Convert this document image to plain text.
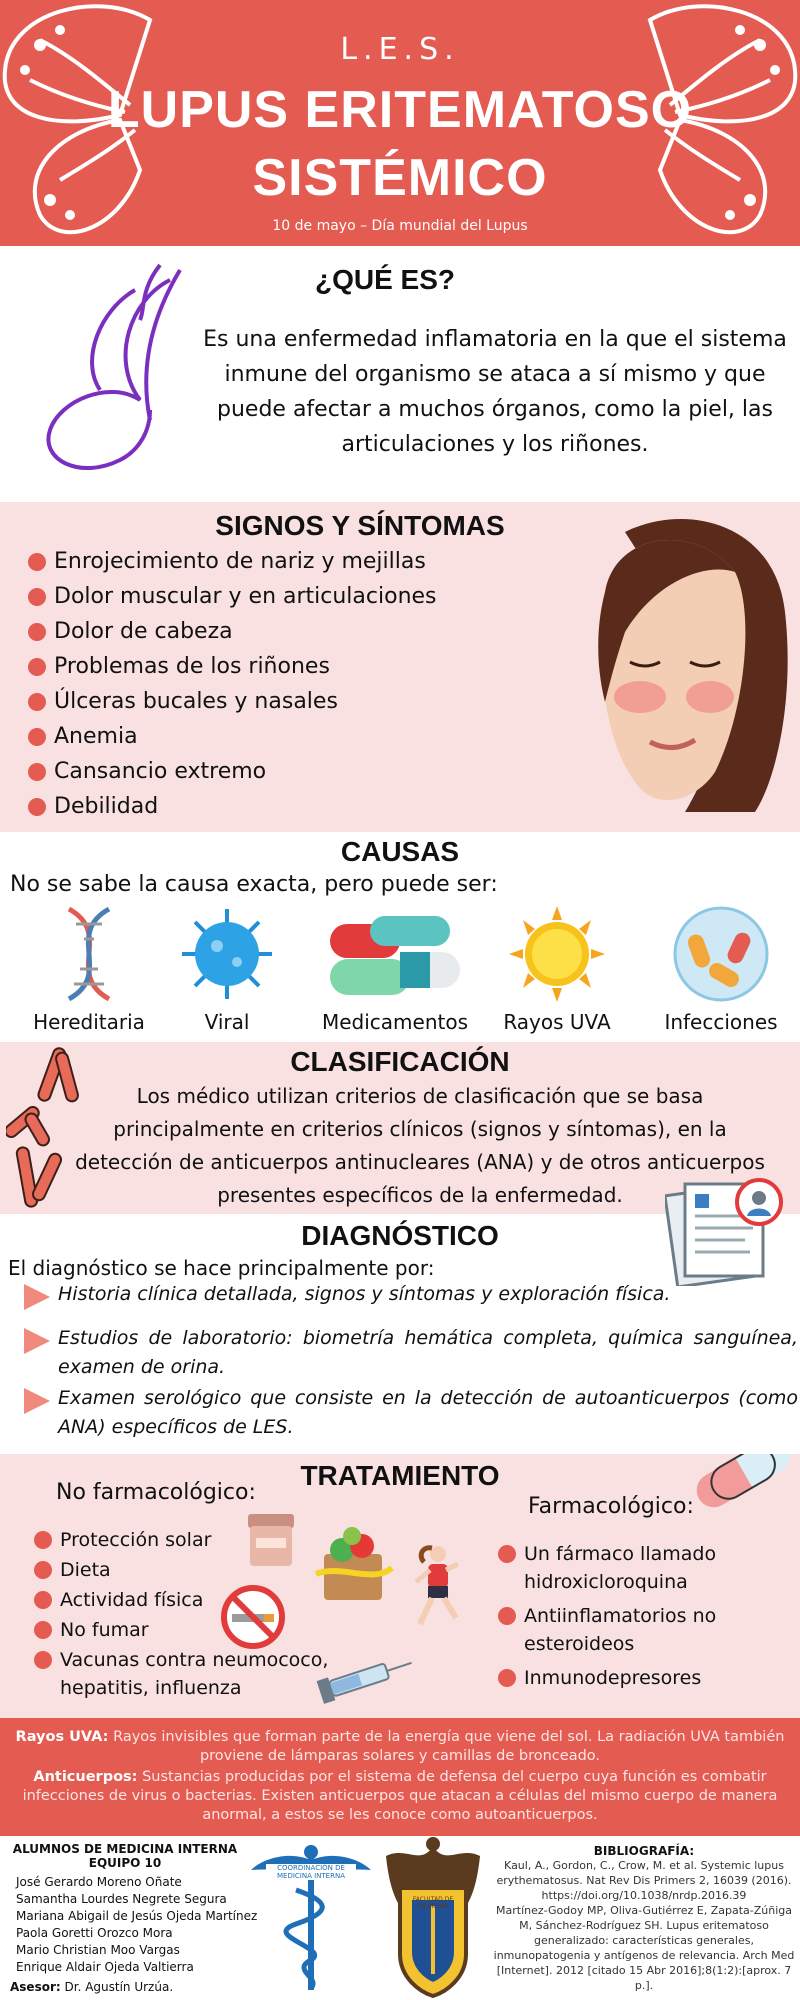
L.E.S.
LUPUS ERITEMATOSO
SISTÉMICO
10 de mayo – Día mundial del Lupus
¿QUÉ ES?

Es una enfermedad inflamatoria en la que el sistema inmune del organismo se ataca a sí mismo y que puede afectar a muchos órganos, como la piel, las articulaciones y los riñones.

SIGNOS Y SÍNTOMAS
Enrojecimiento de nariz y mejillas
Dolor muscular y en articulaciones
Dolor de cabeza
Problemas de los riñones
Úlceras bucales y nasales
Anemia
Cansancio extremo
Debilidad
CAUSAS
No se sabe la causa exacta, pero puede ser:
Hereditaria	Viral	Medicamentos	Rayos UVA	Infecciones
CLASIFICACIÓN

Los médico utilizan criterios de clasificación que se basa principalmente en criterios clínicos (signos y síntomas), en la detección de anticuerpos antinucleares (ANA) y de otros anticuerpos presentes específicos de la enfermedad.

DIAGNÓSTICO
El diagnóstico se hace principalmente por:
Historia clínica detallada, signos y síntomas y exploración física.
Estudios de laboratorio: biometría hemática completa, química sanguínea, examen de orina.
Examen serológico que consiste en la detección de autoanticuerpos (como ANA) específicos de LES.
TRATAMIENTO
No farmacológico:
Farmacológico:
Protección solar
Dieta
Actividad física
No fumar
Vacunas contra neumococo, hepatitis, influenza
Un fármaco llamado hidroxicloroquina
Antiinflamatorios no esteroideos
Inmunodepresores

Rayos UVA: Rayos invisibles que forman parte de la energía que viene del sol. La radiación UVA también proviene de lámparas solares y camillas de bronceado.

Anticuerpos: Sustancias producidas por el sistema de defensa del cuerpo cuya función es combatir infecciones de virus o bacterias. Existen anticuerpos que atacan a células del mismo cuerpo de manera anormal, a estos se les conoce como autoanticuerpos.

ALUMNOS DE MEDICINA INTERNA
EQUIPO 10
José Gerardo Moreno Oñate
Samantha Lourdes Negrete Segura
Mariana Abigail de Jesús Ojeda Martínez
Paola Goretti Orozco Mora
Mario Christian Moo Vargas
Enrique Aldair Ojeda Valtierra
Asesor: Dr. Agustín Urzúa.
COORDINACIÓN DE MEDICINA INTERNA
FACULTAD DE MEDICINA
BIBLIOGRAFÍA:
Kaul, A., Gordon, C., Crow, M. et al. Systemic lupus erythematosus. Nat Rev Dis Primers 2, 16039 (2016). https://doi.org/10.1038/nrdp.2016.39
Martínez-Godoy MP, Oliva-Gutiérrez E, Zapata-Zúñiga M, Sánchez-Rodríguez SH. Lupus eritematoso generalizado: características generales, inmunopatogenia y antígenos de relevancia. Arch Med [Internet]. 2012 [citado 15 Abr 2016];8(1:2):[aprox. 7 p.].
